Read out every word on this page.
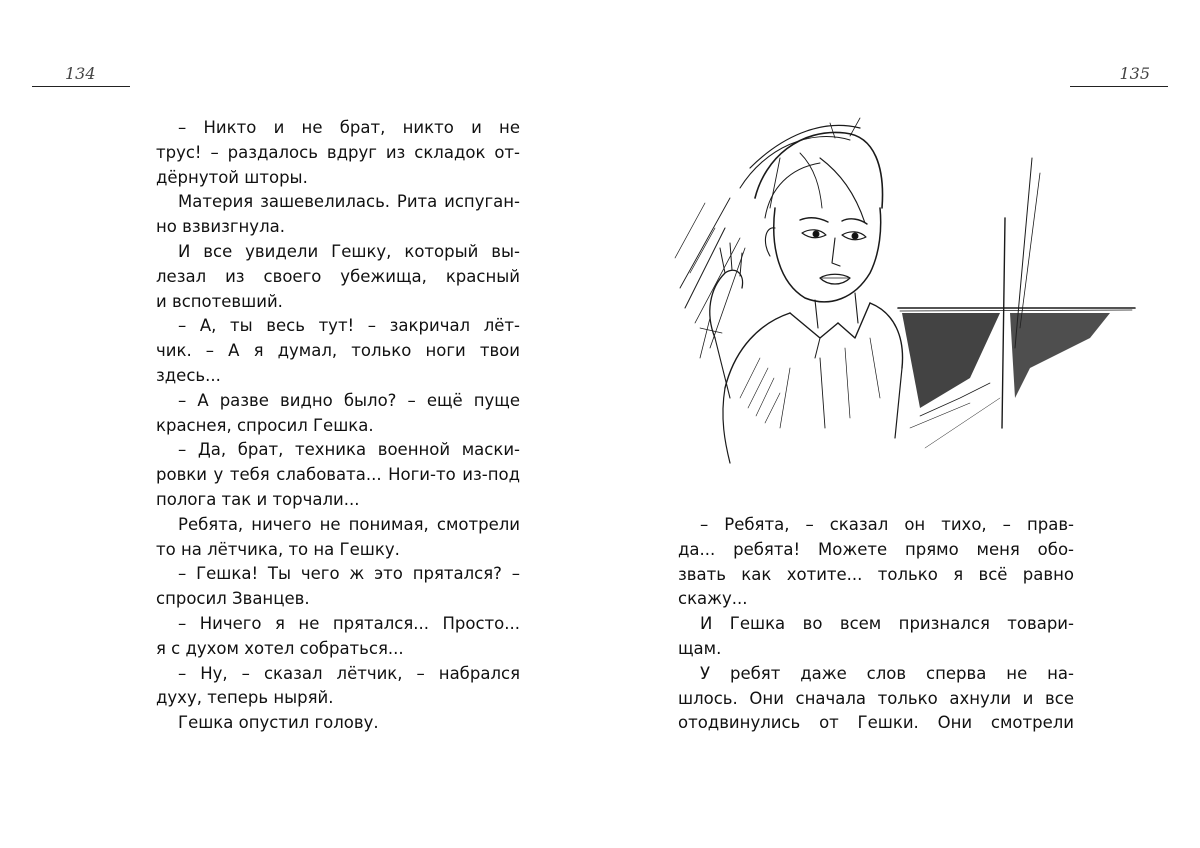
134

– Никто и не брат, никто и не
трус! – раздалось вдруг из складок от-
дёрнутой шторы.

Материя зашевелилась. Рита испуган-
но взвизгнула.

И все увидели Гешку, который вы-
лезал из своего убежища, красный
и вспотевший.

– А, ты весь тут! – закричал лёт-
чик. – А я думал, только ноги твои
здесь...

– А разве видно было? – ещё пуще
краснея, спросил Гешка.

– Да, брат, техника военной маски-
ровки у тебя слабовата... Ноги-то из-под
полога так и торчали...

Ребята, ничего не понимая, смотрели
то на лётчика, то на Гешку.

– Гешка! Ты чего ж это прятался? –
спросил Званцев.

– Ничего я не прятался... Просто...
я с духом хотел собраться...

– Ну, – сказал лётчик, – набрался
духу, теперь ныряй.

Гешка опустил голову.

135

– Ребята, – сказал он тихо, – прав-
да... ребята! Можете прямо меня обо-
звать как хотите... только я всё равно
скажу...

И Гешка во всем признался товари-
щам.

У ребят даже слов сперва не на-
шлось. Они сначала только ахнули и все
отодвинулись от Гешки. Они смотрели
